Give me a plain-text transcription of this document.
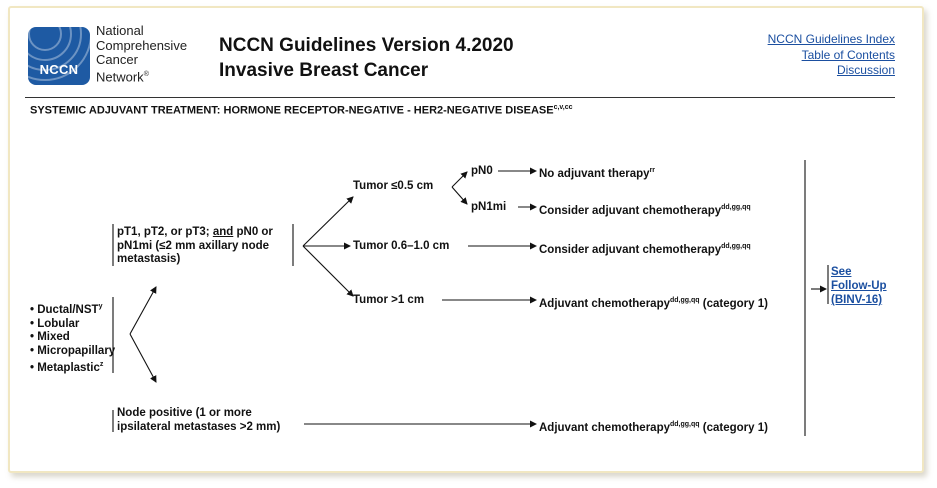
NCCN
National
Comprehensive
Cancer
Network®
NCCN Guidelines Version 4.2020
Invasive Breast Cancer
NCCN Guidelines Index
Table of Contents
Discussion
SYSTEMIC ADJUVANT TREATMENT: HORMONE RECEPTOR-NEGATIVE - HER2-NEGATIVE $DISEASE^{c,v,cc}$
• Ductal/NST$^y$
• Lobular
• Mixed
• Micropapillary
• Metaplastic$^z$
pT1, pT2, or pT3; and pN0 or
pN1mi (≤2 mm axillary node
metastasis)
Node positive (1 or more
ipsilateral metastases >2 mm)
Tumor ≤0.5 cm
Tumor 0.6–1.0 cm
Tumor >1 cm
pN0
pN1mi
No adjuvant therapy$^{rr}$
Consider adjuvant chemotherapy$^{dd,gg,qq}$
Consider adjuvant chemotherapy$^{dd,gg,qq}$
Adjuvant chemotherapy$^{dd,gg,qq}$ (category 1)
Adjuvant chemotherapy$^{dd,gg,qq}$ (category 1)
See
Follow-Up
(BINV-16)
